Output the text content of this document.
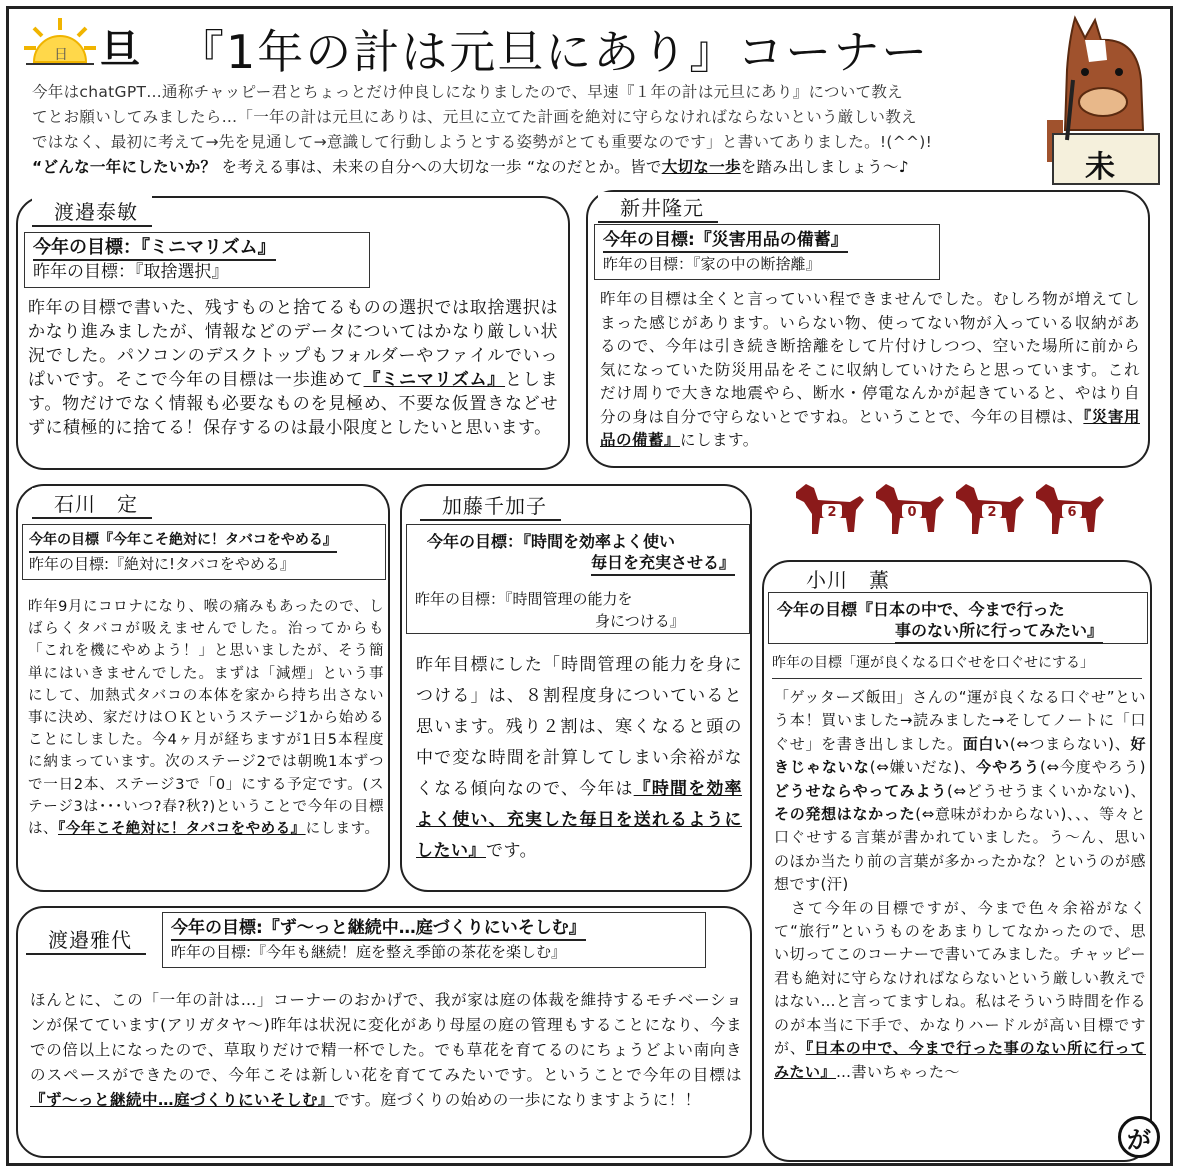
日 旦 『1年の計は元旦にあり』コーナー
未
今年はchatGPT…通称チャッピー君とちょっとだけ仲良しになりましたので、早速『１年の計は元旦にあり』について教え
てとお願いしてみましたら…「一年の計は元旦にありは、元旦に立てた計画を絶対に守らなければならないという厳しい教え
ではなく、最初に考えて→先を見通して→意識して行動しようとする姿勢がとても重要なのです」と書いてありました。!(^^)!
“どんな一年にしたいか？ を考える事は、未来の自分への大切な一歩 “なのだとか。皆で大切な一歩を踏み出しましょう～♪
渡邉泰敏
今年の目標：『ミニマリズム』
昨年の目標：『取捨選択』
昨年の目標で書いた、残すものと捨てるものの選択では取捨選択はかなり進みましたが、情報などのデータについてはかなり厳しい状況でした。パソコンのデスクトップもフォルダーやファイルでいっぱいです。そこで今年の目標は一歩進めて『ミニマリズム』とします。物だけでなく情報も必要なものを見極め、不要な仮置きなどせずに積極的に捨てる！保存するのは最小限度としたいと思います。
新井隆元
今年の目標:『災害用品の備蓄』
昨年の目標：『家の中の断捨離』
昨年の目標は全くと言っていい程できませんでした。むしろ物が増えてしまった感じがあります。いらない物、使ってない物が入っている収納があるので、今年は引き続き断捨離をして片付けしつつ、空いた場所に前から気になっていた防災用品をそこに収納していけたらと思っています。これだけ周りで大きな地震やら、断水・停電なんかが起きていると、やはり自分の身は自分で守らないとですね。ということで、今年の目標は、『災害用品の備蓄』にします。
石川　定
今年の目標『今年こそ絶対に！タバコをやめる』
昨年の目標:『絶対に!タバコをやめる』
昨年9月にコロナになり、喉の痛みもあったので、しばらくタバコが吸えませんでした。治ってからも「これを機にやめよう！」と思いましたが、そう簡単にはいきませんでした。まずは「減煙」という事にして、加熱式タバコの本体を家から持ち出さない事に決め、家だけはＯＫというステージ1から始めることにしました。今4ヶ月が経ちますが1日5本程度に納まっています。次のステージ2では朝晩1本ずつで一日2本、ステージ3で「0」にする予定です。(ステージ3は･･･いつ?春?秋?)ということで今年の目標は、『今年こそ絶対に！タバコをやめる』にします。
加藤千加子
今年の目標：『時間を効率よく使い
毎日を充実させる』
昨年の目標：『時間管理の能力を
身につける』
昨年目標にした「時間管理の能力を身につける」は、８割程度身についていると思います。残り２割は、寒くなると頭の中で変な時間を計算してしまい余裕がなくなる傾向なので、今年は『時間を効率よく使い、充実した毎日を送れるようにしたい』です。
2	0	2	6
小川　薫
今年の目標『日本の中で、今まで行った
事のない所に行ってみたい』
昨年の目標「運が良くなる口ぐせを口ぐせにする」
「ゲッターズ飯田」さんの“運が良くなる口ぐせ”という本！買いました→読みました→そしてノートに「口ぐせ」を書き出しました。面白い(⇔つまらない)、好きじゃないな(⇔嫌いだな)、今やろう(⇔今度やろう)どうせならやってみよう(⇔どうせうまくいかない)、その発想はなかった(⇔意味がわからない)、、、等々と口ぐせする言葉が書かれていました。う～ん、思いのほか当たり前の言葉が多かったかな？というのが感想です(汗)
　さて今年の目標ですが、今まで色々余裕がなくて“旅行”というものをあまりしてなかったので、思い切ってこのコーナーで書いてみました。チャッピー君も絶対に守らなければならないという厳しい教えではない…と言ってますしね。私はそういう時間を作るのが本当に下手で、かなりハードルが高い目標ですが、『日本の中で、今まで行った事のない所に行ってみたい』…書いちゃった～
渡邉雅代	今年の目標:『ず～っと継続中…庭づくりにいそしむ』
昨年の目標:『今年も継続！庭を整え季節の茶花を楽しむ』
ほんとに、この「一年の計は…」コーナーのおかげで、我が家は庭の体裁を維持するモチベーションが保てています(アリガタヤ～)昨年は状況に変化があり母屋の庭の管理もすることになり、今までの倍以上になったので、草取りだけで精一杯でした。でも草花を育てるのにちょうどよい南向きのスペースができたので、今年こそは新しい花を育ててみたいです。ということで今年の目標は『ず～っと継続中…庭づくりにいそしむ』です。庭づくりの始めの一歩になりますように！！
が
